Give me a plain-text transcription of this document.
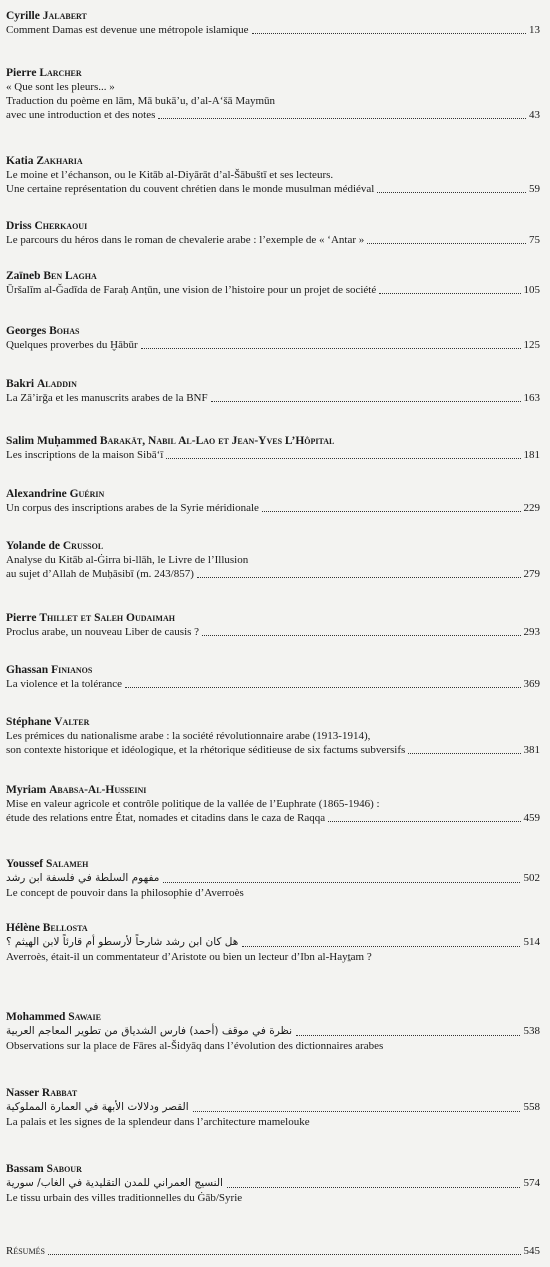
Cyrille Jalabert
Comment Damas est devenue une métropole islamique	13
Pierre Larcher
« Que sont les pleurs... »
Traduction du poème en lām, Mā bukā’u, d’al-A‘šā Maymūn
avec une introduction et des notes	43
Katia Zakharia
Le moine et l’échanson, ou le Kitāb al-Diyārāt d’al-Šābuštī et ses lecteurs.
Une certaine représentation du couvent chrétien dans le monde musulman médiéval	59
Driss Cherkaoui
Le parcours du héros dans le roman de chevalerie arabe : l’exemple de « ‘Antar »	75
Zaïneb Ben Lagha
Ūršalīm al-Ǧadīda de Faraḥ Anṭūn, une vision de l’histoire pour un projet de société	105
Georges Bohas
Quelques proverbes du Ḫābūr	125
Bakri Aladdin
La Zā’irǧa et les manuscrits arabes de la BNF	163
Salim Muḥammed Barakāt, Nabil Al-Lao et Jean-Yves L’Hôpital
Les inscriptions de la maison Sibā‘ī	181
Alexandrine Guérin
Un corpus des inscriptions arabes de la Syrie méridionale	229
Yolande de Crussol
Analyse du Kitāb al-Ġirra bi-llāh, le Livre de l’Illusion
au sujet d’Allah de Muḥāsibī (m. 243/857)	279
Pierre Thillet et Saleh Oudaimah
Proclus arabe, un nouveau Liber de causis ?	293
Ghassan Finianos
La violence et la tolérance	369
Stéphane Valter
Les prémices du nationalisme arabe : la société révolutionnaire arabe (1913-1914),
son contexte historique et idéologique, et la rhétorique séditieuse de six factums subversifs	381
Myriam Ababsa-Al-Husseini
Mise en valeur agricole et contrôle politique de la vallée de l’Euphrate (1865-1946) :
étude des relations entre État, nomades et citadins dans le caza de Raqqa	459
Youssef Salameh
مفهوم السلطة في فلسفة ابن رشد	502
Le concept de pouvoir dans la philosophie d’Averroès
Hélène Bellosta
هل كان ابن رشد شارحاً لأرسطو أم قارئاً لابن الهيثم ؟	514
Averroès, était-il un commentateur d’Aristote ou bien un lecteur d’Ibn al-Hayṯam ?
Mohammed Sawaie
نظرة في موقف (أحمد) فارس الشدياق من تطوير المعاجم العربية	538
Observations sur la place de Fāres al-Šidyāq dans l’évolution des dictionnaires arabes
Nasser Rabbat
القصر ودلالات الأبهة في العمارة المملوكية	558
La palais et les signes de la splendeur dans l’architecture mamelouke
Bassam Sabour
النسيج العمراني للمدن التقليدية في الغاب/ سورية	574
Le tissu urbain des villes traditionnelles du Ġāb/Syrie
Résumés	545
